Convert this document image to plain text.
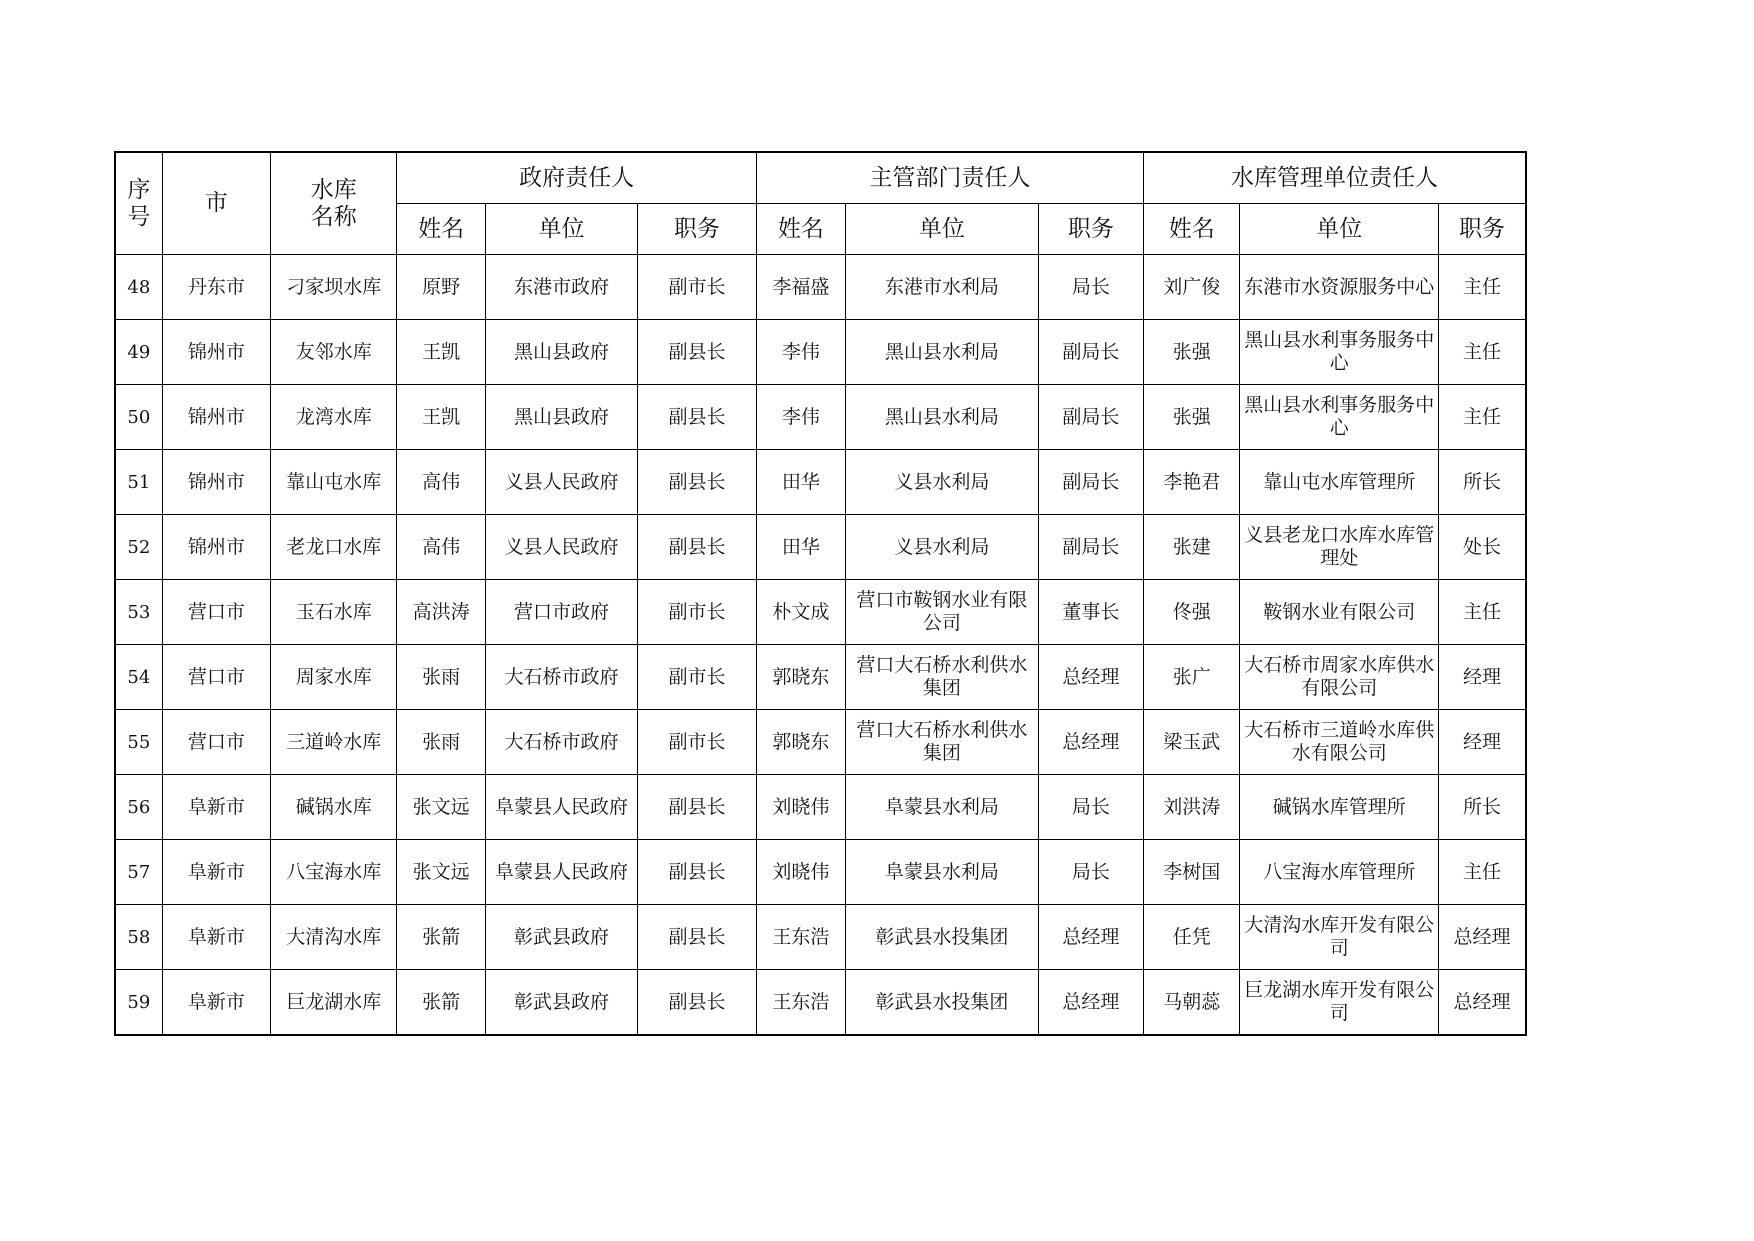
序号	市	水库名称	政府责任人			主管部门责任人			水库管理单位责任人		
			姓名	单位	职务	姓名	单位	职务	姓名	单位	职务
48	丹东市	刁家坝水库	原野	东港市政府	副市长	李福盛	东港市水利局	局长	刘广俊	东港市水资源服务中心	主任
49	锦州市	友邻水库	王凯	黑山县政府	副县长	李伟	黑山县水利局	副局长	张强	黑山县水利事务服务中心	主任
50	锦州市	龙湾水库	王凯	黑山县政府	副县长	李伟	黑山县水利局	副局长	张强	黑山县水利事务服务中心	主任
51	锦州市	靠山屯水库	高伟	义县人民政府	副县长	田华	义县水利局	副局长	李艳君	靠山屯水库管理所	所长
52	锦州市	老龙口水库	高伟	义县人民政府	副县长	田华	义县水利局	副局长	张建	义县老龙口水库水库管理处	处长
53	营口市	玉石水库	高洪涛	营口市政府	副市长	朴文成	营口市鞍钢水业有限公司	董事长	佟强	鞍钢水业有限公司	主任
54	营口市	周家水库	张雨	大石桥市政府	副市长	郭晓东	营口大石桥水利供水集团	总经理	张广	大石桥市周家水库供水有限公司	经理
55	营口市	三道岭水库	张雨	大石桥市政府	副市长	郭晓东	营口大石桥水利供水集团	总经理	梁玉武	大石桥市三道岭水库供水有限公司	经理
56	阜新市	碱锅水库	张文远	阜蒙县人民政府	副县长	刘晓伟	阜蒙县水利局	局长	刘洪涛	碱锅水库管理所	所长
57	阜新市	八宝海水库	张文远	阜蒙县人民政府	副县长	刘晓伟	阜蒙县水利局	局长	李树国	八宝海水库管理所	主任
58	阜新市	大清沟水库	张箭	彰武县政府	副县长	王东浩	彰武县水投集团	总经理	任凭	大清沟水库开发有限公司	总经理
59	阜新市	巨龙湖水库	张箭	彰武县政府	副县长	王东浩	彰武县水投集团	总经理	马朝蕊	巨龙湖水库开发有限公司	总经理
